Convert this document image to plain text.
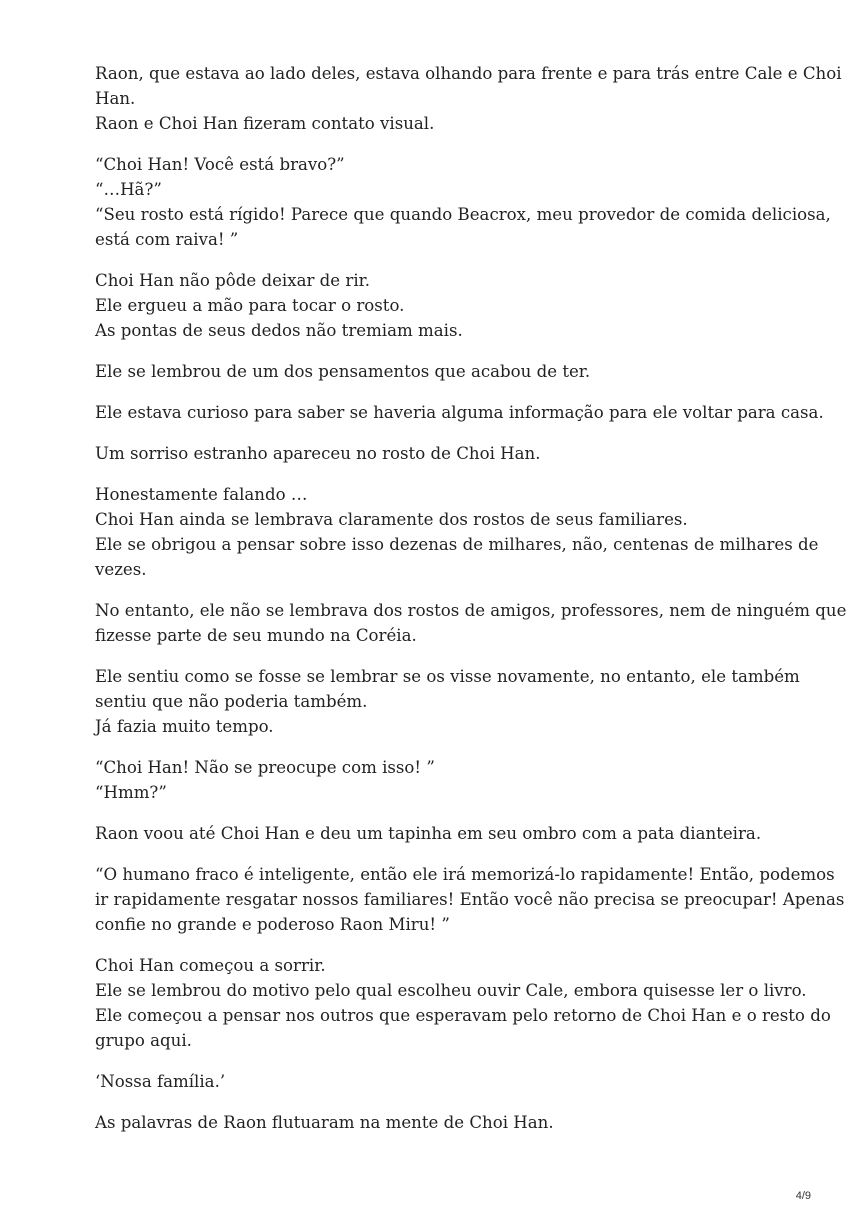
Raon, que estava ao lado deles, estava olhando para frente e para trás entre Cale e Choi
Han.
Raon e Choi Han fizeram contato visual.

“Choi Han! Você está bravo?”
“…Hã?”
“Seu rosto está rígido! Parece que quando Beacrox, meu provedor de comida deliciosa,
está com raiva! ”

Choi Han não pôde deixar de rir.
Ele ergueu a mão para tocar o rosto.
As pontas de seus dedos não tremiam mais.

Ele se lembrou de um dos pensamentos que acabou de ter.

Ele estava curioso para saber se haveria alguma informação para ele voltar para casa.

Um sorriso estranho apareceu no rosto de Choi Han.

Honestamente falando …
Choi Han ainda se lembrava claramente dos rostos de seus familiares.
Ele se obrigou a pensar sobre isso dezenas de milhares, não, centenas de milhares de
vezes.

No entanto, ele não se lembrava dos rostos de amigos, professores, nem de ninguém que
fizesse parte de seu mundo na Coréia.

Ele sentiu como se fosse se lembrar se os visse novamente, no entanto, ele também
sentiu que não poderia também.
Já fazia muito tempo.

“Choi Han! Não se preocupe com isso! ”
“Hmm?”

Raon voou até Choi Han e deu um tapinha em seu ombro com a pata dianteira.

“O humano fraco é inteligente, então ele irá memorizá-lo rapidamente! Então, podemos
ir rapidamente resgatar nossos familiares! Então você não precisa se preocupar! Apenas
confie no grande e poderoso Raon Miru! ”

Choi Han começou a sorrir.
Ele se lembrou do motivo pelo qual escolheu ouvir Cale, embora quisesse ler o livro.
Ele começou a pensar nos outros que esperavam pelo retorno de Choi Han e o resto do
grupo aqui.

‘Nossa família.’

As palavras de Raon flutuaram na mente de Choi Han.

4/9
